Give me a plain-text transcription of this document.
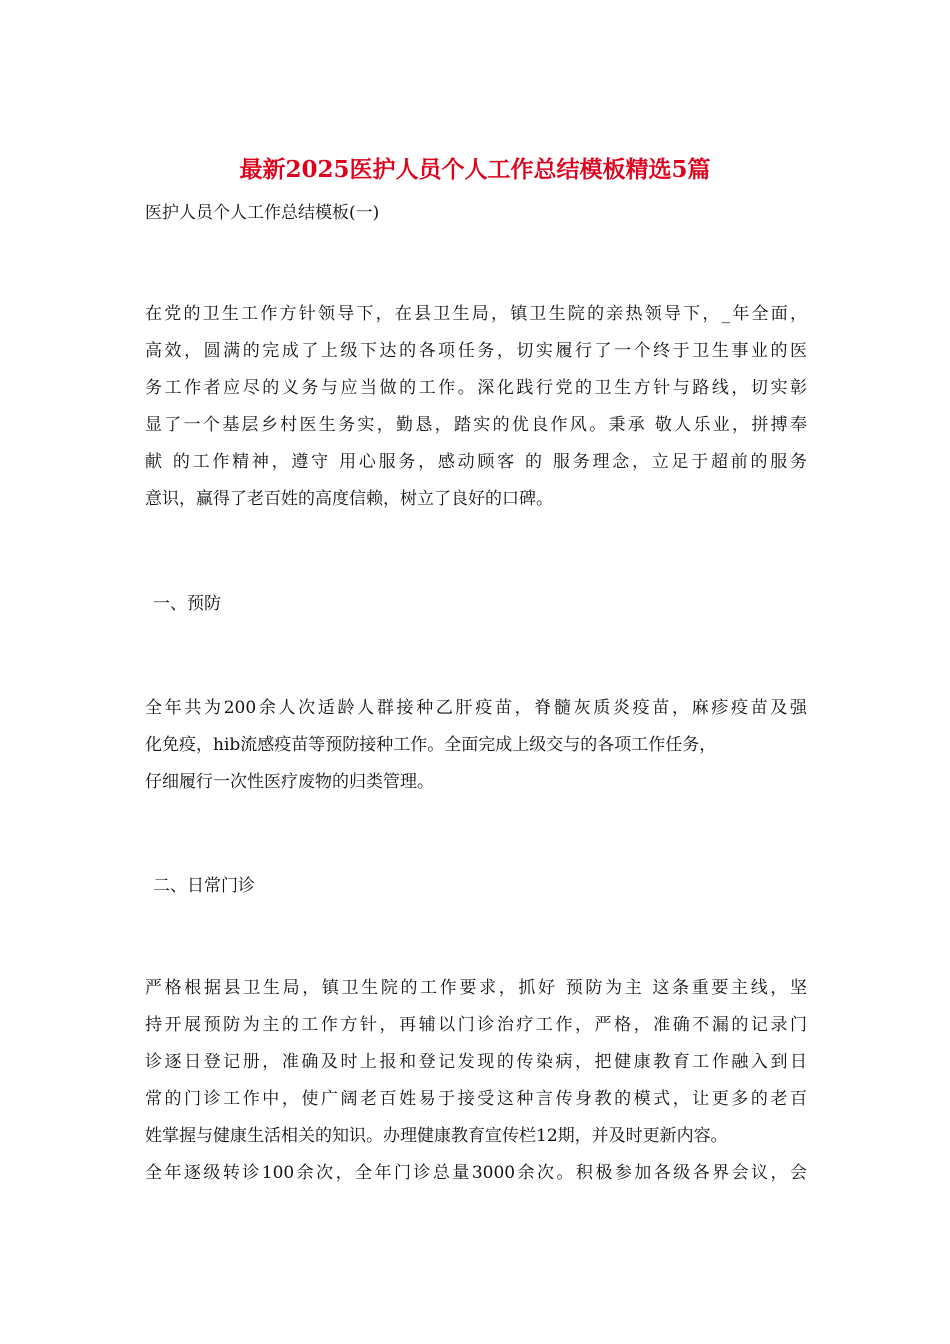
最新2025医护人员个人工作总结模板精选5篇
医护人员个人工作总结模板(一)
在党的卫生工作方针领导下，在县卫生局，镇卫生院的亲热领导下，_年全面，
高效，圆满的完成了上级下达的各项任务，切实履行了一个终于卫生事业的医
务工作者应尽的义务与应当做的工作。深化践行党的卫生方针与路线，切实彰
显了一个基层乡村医生务实，勤恳，踏实的优良作风。秉承 敬人乐业，拼搏奉
献 的工作精神，遵守 用心服务，感动顾客 的 服务理念，立足于超前的服务
意识，赢得了老百姓的高度信赖，树立了良好的口碑。
一、预防
全年共为200余人次适龄人群接种乙肝疫苗，脊髓灰质炎疫苗，麻疹疫苗及强
化免疫，hib流感疫苗等预防接种工作。全面完成上级交与的各项工作任务，
仔细履行一次性医疗废物的归类管理。
二、日常门诊
严格根据县卫生局，镇卫生院的工作要求，抓好 预防为主 这条重要主线，坚
持开展预防为主的工作方针，再辅以门诊治疗工作，严格，准确不漏的记录门
诊逐日登记册，准确及时上报和登记发现的传染病，把健康教育工作融入到日
常的门诊工作中，使广阔老百姓易于接受这种言传身教的模式，让更多的老百
姓掌握与健康生活相关的知识。办理健康教育宣传栏12期，并及时更新内容。
全年逐级转诊100余次，全年门诊总量3000余次。积极参加各级各界会议，会
